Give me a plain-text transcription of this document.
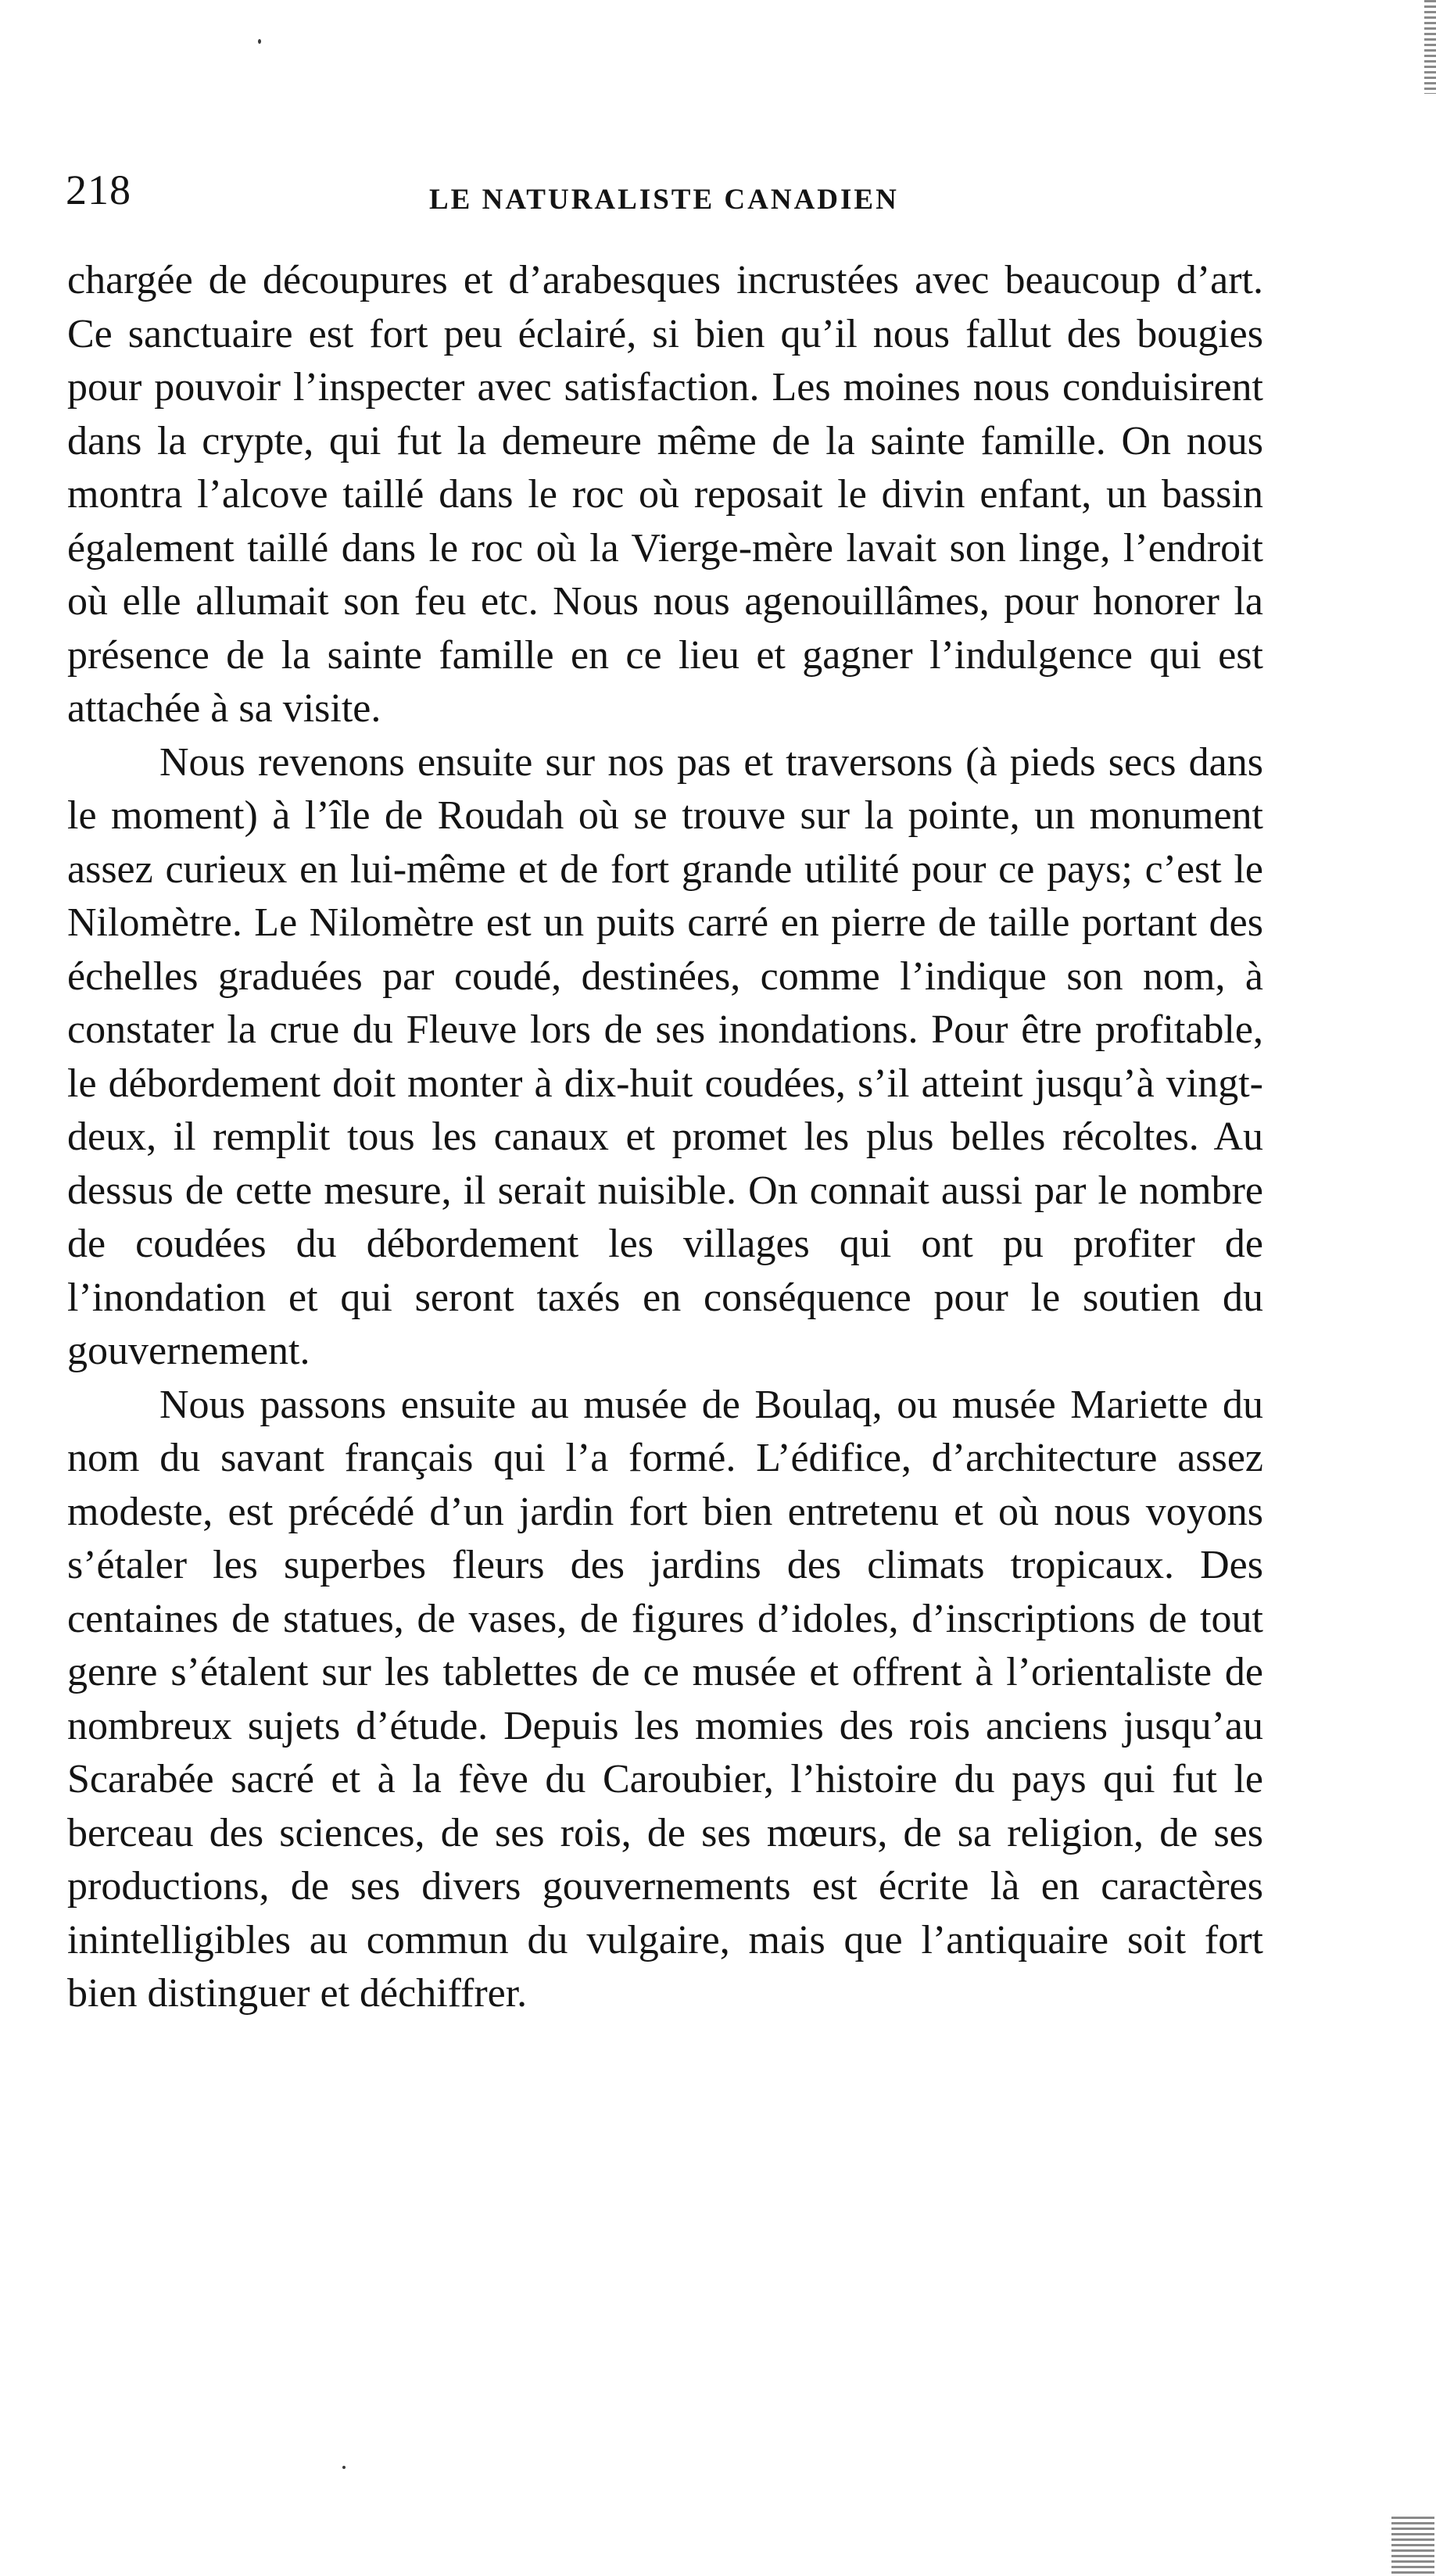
218	LE NATURALISTE CANADIEN

chargée de découpures et d’arabesques incrustées avec beaucoup d’art. Ce sanctuaire est fort peu éclairé, si bien qu’il nous fallut des bougies pour pouvoir l’inspecter avec satisfaction. Les moines nous conduisirent dans la crypte, qui fut la demeure même de la sainte famille. On nous montra l’alcove taillé dans le roc où reposait le divin enfant, un bassin également taillé dans le roc où la Vierge-mère lavait son linge, l’endroit où elle allumait son feu etc. Nous nous agenouillâmes, pour honorer la présence de la sainte famille en ce lieu et gagner l’indulgence qui est attachée à sa visite.

Nous revenons ensuite sur nos pas et traversons (à pieds secs dans le moment) à l’île de Roudah où se trouve sur la pointe, un monument assez curieux en lui-même et de fort grande utilité pour ce pays; c’est le Nilomètre. Le Nilomètre est un puits carré en pierre de taille portant des échelles graduées par coudé, destinées, comme l’indique son nom, à constater la crue du Fleuve lors de ses inondations. Pour être profitable, le débordement doit monter à dix-huit coudées, s’il atteint jusqu’à vingt-deux, il remplit tous les canaux et promet les plus belles récoltes. Au dessus de cette mesure, il serait nuisible. On connait aussi par le nombre de coudées du débordement les villages qui ont pu profiter de l’inondation et qui seront taxés en conséquence pour le soutien du gouvernement.

Nous passons ensuite au musée de Boulaq, ou musée Mariette du nom du savant français qui l’a formé. L’édifice, d’architecture assez modeste, est précédé d’un jardin fort bien entretenu et où nous voyons s’étaler les superbes fleurs des jardins des climats tropicaux. Des centaines de statues, de vases, de figures d’idoles, d’inscriptions de tout genre s’étalent sur les tablettes de ce musée et offrent à l’orientaliste de nombreux sujets d’étude. Depuis les momies des rois anciens jusqu’au Scarabée sacré et à la fève du Caroubier, l’histoire du pays qui fut le berceau des sciences, de ses rois, de ses mœurs, de sa religion, de ses productions, de ses divers gouvernements est écrite là en caractères inintelligibles au commun du vulgaire, mais que l’antiquaire soit fort bien distinguer et déchiffrer.
